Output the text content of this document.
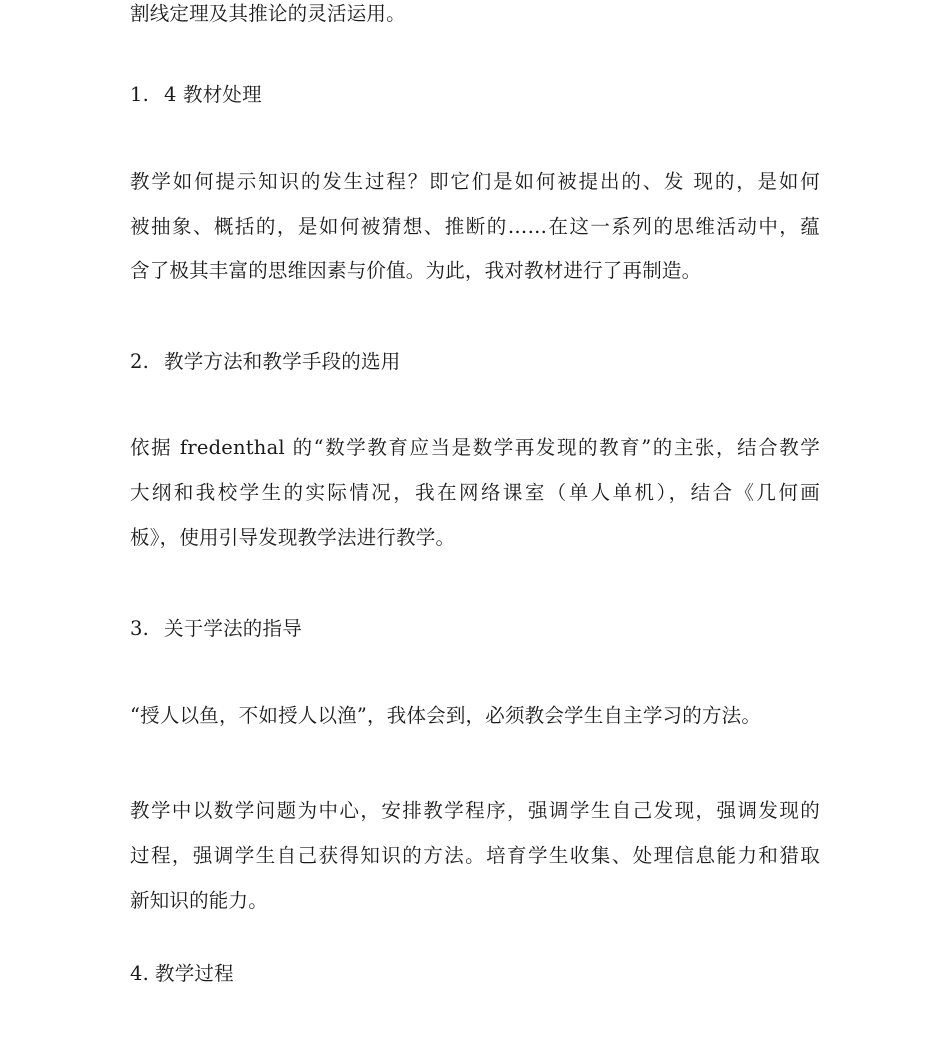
割线定理及其推论的灵活运用。
1. 4 教材处理
教学如何提示知识的发生过程？即它们是如何被提出的、发 现的，是如何
被抽象、概括的，是如何被猜想、推断的……在这一系列的思维活动中，蕴
含了极其丰富的思维因素与价值。为此，我对教材进行了再制造。
2. 教学方法和教学手段的选用
依据 fredenthal 的“数学教育应当是数学再发现的教育”的主张，结合教学
大纲和我校学生的实际情况，我在网络课室（单人单机），结合《几何画
板》，使用引导发现教学法进行教学。
3. 关于学法的指导
“授人以鱼，不如授人以渔”，我体会到，必须教会学生自主学习的方法。
教学中以数学问题为中心，安排教学程序，强调学生自己发现，强调发现的
过程，强调学生自己获得知识的方法。培育学生收集、处理信息能力和猎取
新知识的能力。
4. 教学过程
